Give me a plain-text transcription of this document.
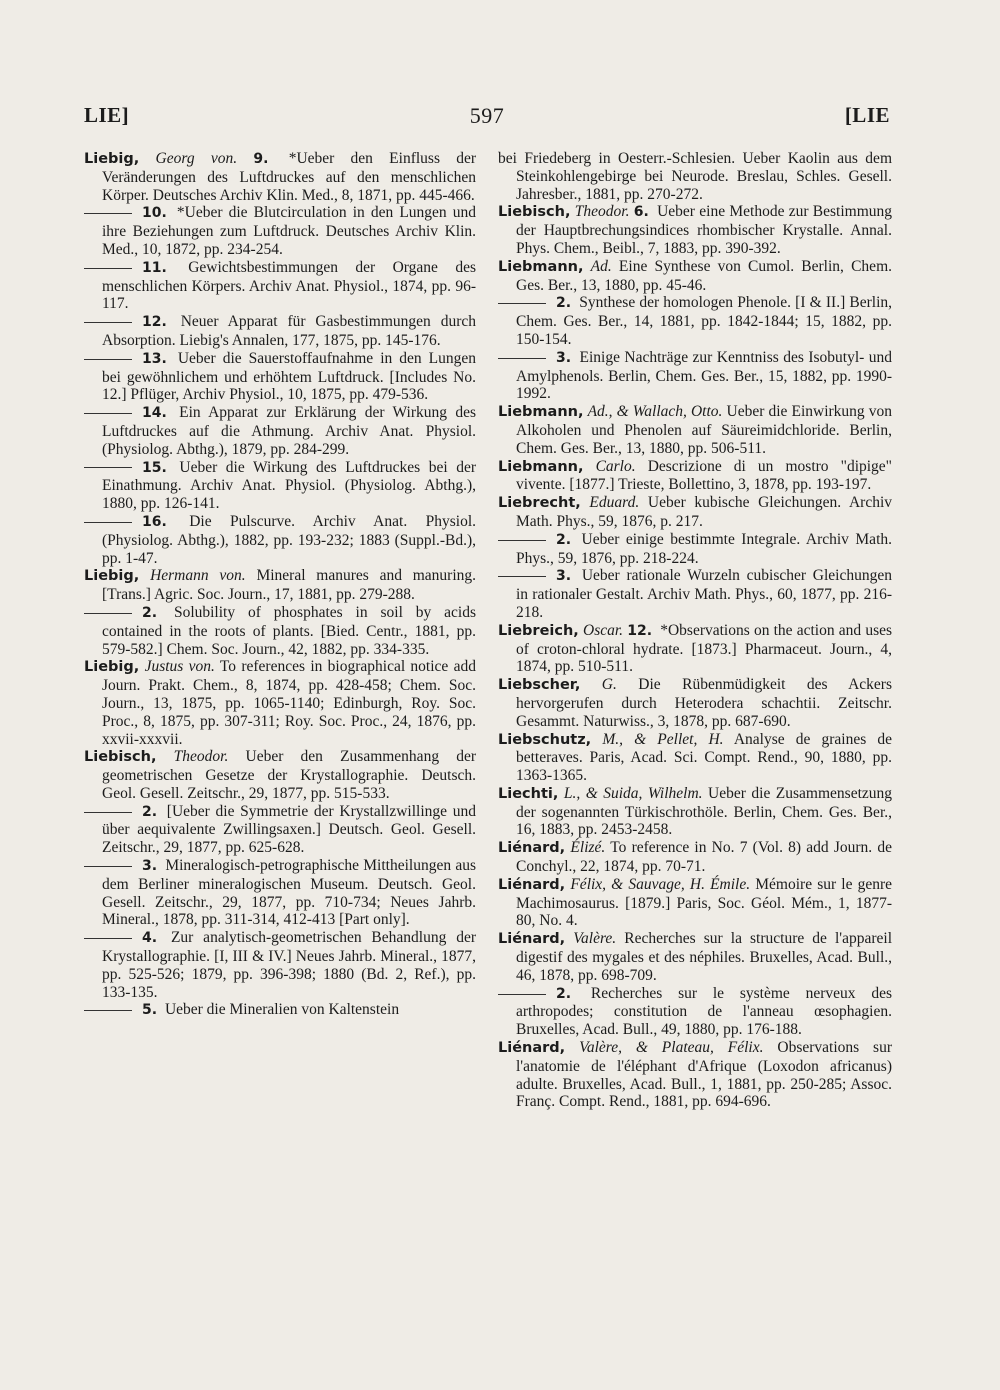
LIE]	597	[LIE

Liebig, Georg von. 9. *Ueber den Einfluss der Veränderungen des Luftdruckes auf den menschlichen Körper. Deutsches Archiv Klin. Med., 8, 1871, pp. 445-466.

10. *Ueber die Blutcirculation in den Lungen und ihre Beziehungen zum Luftdruck. Deutsches Archiv Klin. Med., 10, 1872, pp. 234-254.

11. Gewichtsbestimmungen der Organe des menschlichen Körpers. Archiv Anat. Physiol., 1874, pp. 96-117.

12. Neuer Apparat für Gasbestimmungen durch Absorption. Liebig's Annalen, 177, 1875, pp. 145-176.

13. Ueber die Sauerstoffaufnahme in den Lungen bei gewöhnlichem und erhöhtem Luftdruck. [Includes No. 12.] Pflüger, Archiv Physiol., 10, 1875, pp. 479-536.

14. Ein Apparat zur Erklärung der Wirkung des Luftdruckes auf die Athmung. Archiv Anat. Physiol. (Physiolog. Abthg.), 1879, pp. 284-299.

15. Ueber die Wirkung des Luftdruckes bei der Einathmung. Archiv Anat. Physiol. (Physiolog. Abthg.), 1880, pp. 126-141.

16. Die Pulscurve. Archiv Anat. Physiol. (Physiolog. Abthg.), 1882, pp. 193-232; 1883 (Suppl.-Bd.), pp. 1-47.

Liebig, Hermann von. Mineral manures and manuring. [Trans.] Agric. Soc. Journ., 17, 1881, pp. 279-288.

2. Solubility of phosphates in soil by acids contained in the roots of plants. [Bied. Centr., 1881, pp. 579-582.] Chem. Soc. Journ., 42, 1882, pp. 334-335.

Liebig, Justus von. To references in biographical notice add Journ. Prakt. Chem., 8, 1874, pp. 428-458; Chem. Soc. Journ., 13, 1875, pp. 1065-1140; Edinburgh, Roy. Soc. Proc., 8, 1875, pp. 307-311; Roy. Soc. Proc., 24, 1876, pp. xxvii-xxxvii.

Liebisch, Theodor. Ueber den Zusammenhang der geometrischen Gesetze der Krystallographie. Deutsch. Geol. Gesell. Zeitschr., 29, 1877, pp. 515-533.

2. [Ueber die Symmetrie der Krystallzwillinge und über aequivalente Zwillingsaxen.] Deutsch. Geol. Gesell. Zeitschr., 29, 1877, pp. 625-628.

3. Mineralogisch-petrographische Mittheilungen aus dem Berliner mineralogischen Museum. Deutsch. Geol. Gesell. Zeitschr., 29, 1877, pp. 710-734; Neues Jahrb. Mineral., 1878, pp. 311-314, 412-413 [Part only].

4. Zur analytisch-geometrischen Behandlung der Krystallographie. [I, III & IV.] Neues Jahrb. Mineral., 1877, pp. 525-526; 1879, pp. 396-398; 1880 (Bd. 2, Ref.), pp. 133-135.

5. Ueber die Mineralien von Kaltenstein

bei Friedeberg in Oesterr.-Schlesien. Ueber Kaolin aus dem Steinkohlengebirge bei Neurode. Breslau, Schles. Gesell. Jahresber., 1881, pp. 270-272.

Liebisch, Theodor. 6. Ueber eine Methode zur Bestimmung der Hauptbrechungsindices rhombischer Krystalle. Annal. Phys. Chem., Beibl., 7, 1883, pp. 390-392.

Liebmann, Ad. Eine Synthese von Cumol. Berlin, Chem. Ges. Ber., 13, 1880, pp. 45-46.

2. Synthese der homologen Phenole. [I & II.] Berlin, Chem. Ges. Ber., 14, 1881, pp. 1842-1844; 15, 1882, pp. 150-154.

3. Einige Nachträge zur Kenntniss des Isobutyl- und Amylphenols. Berlin, Chem. Ges. Ber., 15, 1882, pp. 1990-1992.

Liebmann, Ad., & Wallach, Otto. Ueber die Einwirkung von Alkoholen und Phenolen auf Säureimidchloride. Berlin, Chem. Ges. Ber., 13, 1880, pp. 506-511.

Liebmann, Carlo. Descrizione di un mostro "dipige" vivente. [1877.] Trieste, Bollettino, 3, 1878, pp. 193-197.

Liebrecht, Eduard. Ueber kubische Gleichungen. Archiv Math. Phys., 59, 1876, p. 217.

2. Ueber einige bestimmte Integrale. Archiv Math. Phys., 59, 1876, pp. 218-224.

3. Ueber rationale Wurzeln cubischer Gleichungen in rationaler Gestalt. Archiv Math. Phys., 60, 1877, pp. 216-218.

Liebreich, Oscar. 12. *Observations on the action and uses of croton-chloral hydrate. [1873.] Pharmaceut. Journ., 4, 1874, pp. 510-511.

Liebscher, G. Die Rübenmüdigkeit des Ackers hervorgerufen durch Heterodera schachtii. Zeitschr. Gesammt. Naturwiss., 3, 1878, pp. 687-690.

Liebschutz, M., & Pellet, H. Analyse de graines de betteraves. Paris, Acad. Sci. Compt. Rend., 90, 1880, pp. 1363-1365.

Liechti, L., & Suida, Wilhelm. Ueber die Zusammensetzung der sogenannten Türkischrothöle. Berlin, Chem. Ges. Ber., 16, 1883, pp. 2453-2458.

Liénard, Élizé. To reference in No. 7 (Vol. 8) add Journ. de Conchyl., 22, 1874, pp. 70-71.

Liénard, Félix, & Sauvage, H. Émile. Mémoire sur le genre Machimosaurus. [1879.] Paris, Soc. Géol. Mém., 1, 1877-80, No. 4.

Liénard, Valère. Recherches sur la structure de l'appareil digestif des mygales et des néphiles. Bruxelles, Acad. Bull., 46, 1878, pp. 698-709.

2. Recherches sur le système nerveux des arthropodes; constitution de l'anneau œsophagien. Bruxelles, Acad. Bull., 49, 1880, pp. 176-188.

Liénard, Valère, & Plateau, Félix. Observations sur l'anatomie de l'éléphant d'Afrique (Loxodon africanus) adulte. Bruxelles, Acad. Bull., 1, 1881, pp. 250-285; Assoc. Franç. Compt. Rend., 1881, pp. 694-696.
